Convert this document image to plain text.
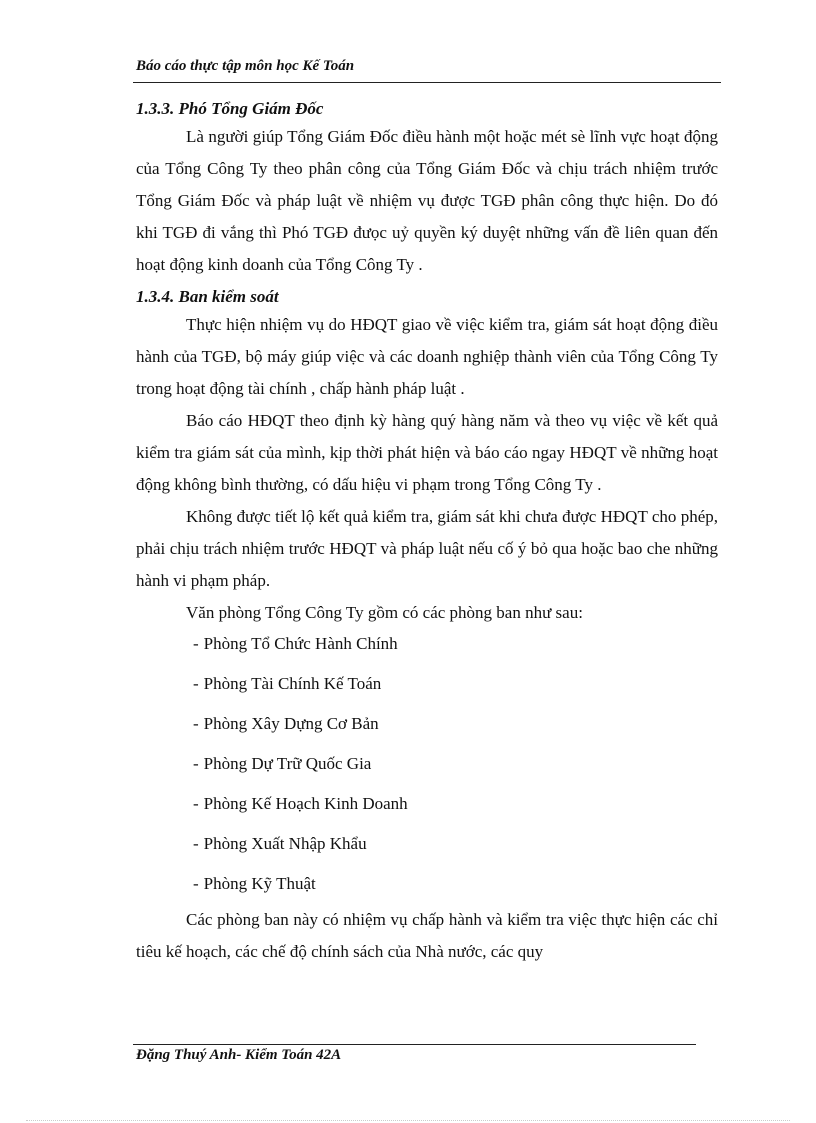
Báo cáo thực tập môn học Kế Toán
1.3.3. Phó Tổng Giám Đốc

Là người giúp Tổng Giám Đốc điều hành một hoặc mét sè lĩnh vực hoạt động của Tổng Công Ty theo phân công của Tổng Giám Đốc và chịu trách nhiệm trước Tổng Giám Đốc và pháp luật về nhiệm vụ được TGĐ phân công thực hiện. Do đó khi TGĐ đi vắng thì Phó TGĐ đưọc uỷ quyền ký duyệt những vấn đề liên quan đến hoạt động kinh doanh của Tổng Công Ty .

1.3.4. Ban kiểm soát

Thực hiện nhiệm vụ do HĐQT giao về việc kiểm tra, giám sát hoạt động điều hành của TGĐ, bộ máy giúp việc và các doanh nghiệp thành viên của Tổng Công Ty trong hoạt động tài chính , chấp hành pháp luật .

Báo cáo HĐQT theo định kỳ hàng quý hàng năm và theo vụ việc về kết quả kiểm tra giám sát của mình, kịp thời phát hiện và báo cáo ngay HĐQT về những hoạt động không bình thường, có dấu hiệu vi phạm trong Tổng Công Ty .

Không được tiết lộ kết quả kiểm tra, giám sát khi chưa được HĐQT cho phép, phải chịu trách nhiệm trước HĐQT và pháp luật nếu cố ý bỏ qua hoặc bao che những hành vi phạm pháp.

Văn phòng Tổng Công Ty gồm có các phòng ban như sau:

- Phòng Tổ Chức Hành Chính
- Phòng Tài Chính Kế Toán
- Phòng Xây Dựng Cơ Bản
- Phòng Dự Trữ Quốc Gia
- Phòng Kế Hoạch Kinh Doanh
- Phòng Xuất Nhập Khẩu
- Phòng Kỹ Thuật

Các phòng ban này có nhiệm vụ chấp hành và kiểm tra việc thực hiện các chỉ tiêu kế hoạch, các chế độ chính sách của Nhà nước, các quy

Đặng Thuý Anh- Kiểm Toán 42A
